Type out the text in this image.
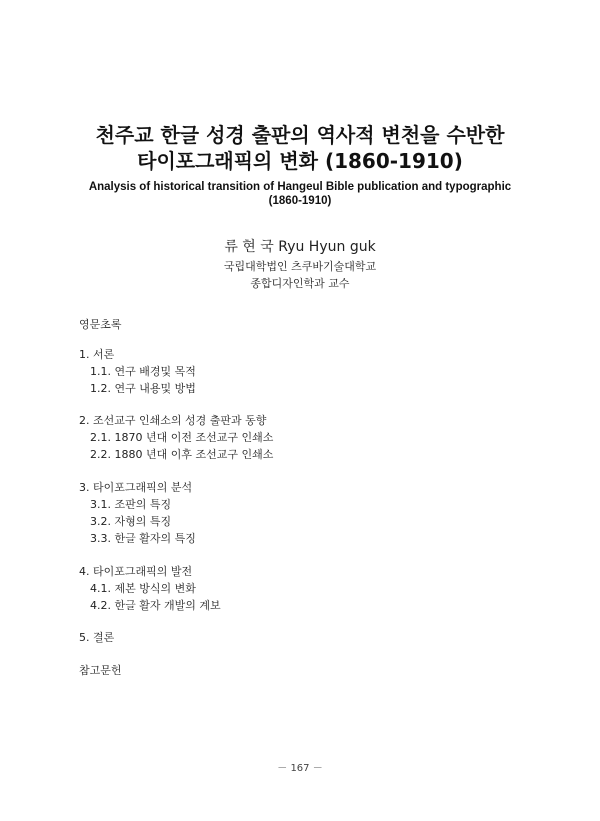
천주교 한글 성경 출판의 역사적 변천을 수반한
타이포그래픽의 변화 (1860-1910)
Analysis of historical transition of Hangeul Bible publication and typographic
(1860-1910)
류 현 국 Ryu Hyun guk
국립대학법인 츠쿠바기술대학교
종합디자인학과 교수
영문초록
1. 서론
1.1. 연구 배경및 목적
1.2. 연구 내용및 방법
2. 조선교구 인쇄소의 성경 출판과 동향
2.1. 1870 년대 이전 조선교구 인쇄소
2.2. 1880 년대 이후 조선교구 인쇄소
3. 타이포그래픽의 분석
3.1. 조판의 특징
3.2. 자형의 특징
3.3. 한글 활자의 특징
4. 타이포그래픽의 발전
4.1. 제본 방식의 변화
4.2. 한글 활자 개발의 계보
5. 결론
참고문헌
－ 167 －
